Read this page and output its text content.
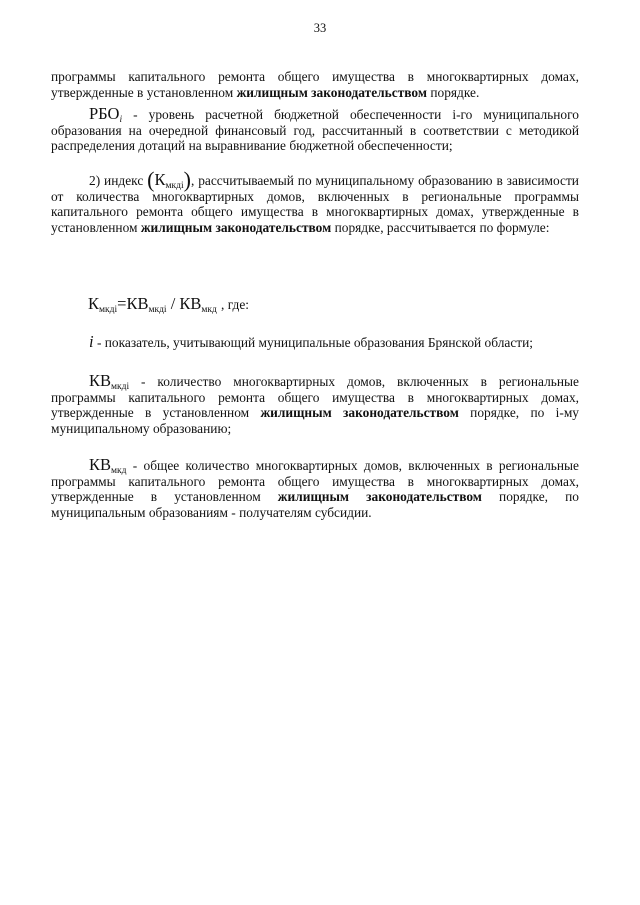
33
программы капитального ремонта общего имущества в многоквартирных домах, утвержденные в установленном жилищным законодательством порядке.
$РБО_i$ - уровень расчетной бюджетной обеспеченности i-го муниципального образования на очередной финансовый год, рассчитанный в соответствии с методикой распределения дотаций на выравнивание бюджетной обеспеченности;
2) индекс $(К_{мкдi})$, рассчитываемый по муниципальному образованию в зависимости от количества многоквартирных домов, включенных в региональные программы капитального ремонта общего имущества в многоквартирных домах, утвержденные в установленном жилищным законодательством порядке, рассчитывается по формуле:
$К_{мкдi}=КВ_{мкдi} / КВ_{мкд}$ , где:
i - показатель, учитывающий муниципальные образования Брянской области;
$КВ_{мкдi}$ - количество многоквартирных домов, включенных в региональные программы капитального ремонта общего имущества в многоквартирных домах, утвержденные в установленном жилищным законодательством порядке, по i-му муниципальному образованию;
$КВ_{мкд}$ - общее количество многоквартирных домов, включенных в региональные программы капитального ремонта общего имущества в многоквартирных домах, утвержденные в установленном жилищным законодательством порядке, по муниципальным образованиям - получателям субсидии.
